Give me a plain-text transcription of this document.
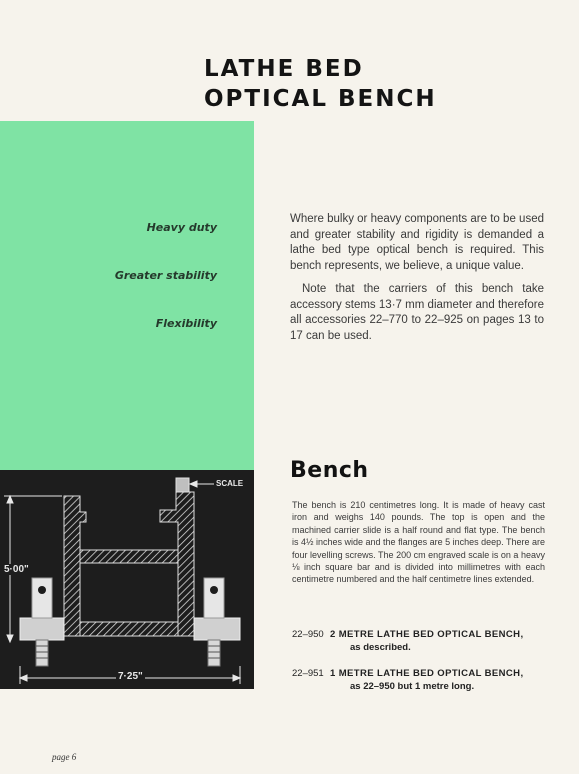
LATHE BED
OPTICAL BENCH
Heavy duty
Greater stability
Flexibility

Where bulky or heavy components are to be used and greater stability and rigidity is demanded a lathe bed type optical bench is required. This bench represents, we believe, a unique value.

Note that the carriers of this bench take accessory stems 13·7 mm diameter and therefore all accessories 22–770 to 22–925 on pages 13 to 17 can be used.

SCALE
5·00"
7·25"
Bench

The bench is 210 centimetres long. It is made of heavy cast iron and weighs 140 pounds. The top is open and the machined carrier slide is a half round and flat type. The bench is 4½ inches wide and the flanges are 5 inches deep. There are four levelling screws. The 200 cm engraved scale is on a heavy ⅛ inch square bar and is divided into millimetres with each centimetre numbered and the half centimetre lines extended.

22–950 2 METRE LATHE BED OPTICAL BENCH,
as described.
22–951 1 METRE LATHE BED OPTICAL BENCH,
as 22–950 but 1 metre long.
page 6
